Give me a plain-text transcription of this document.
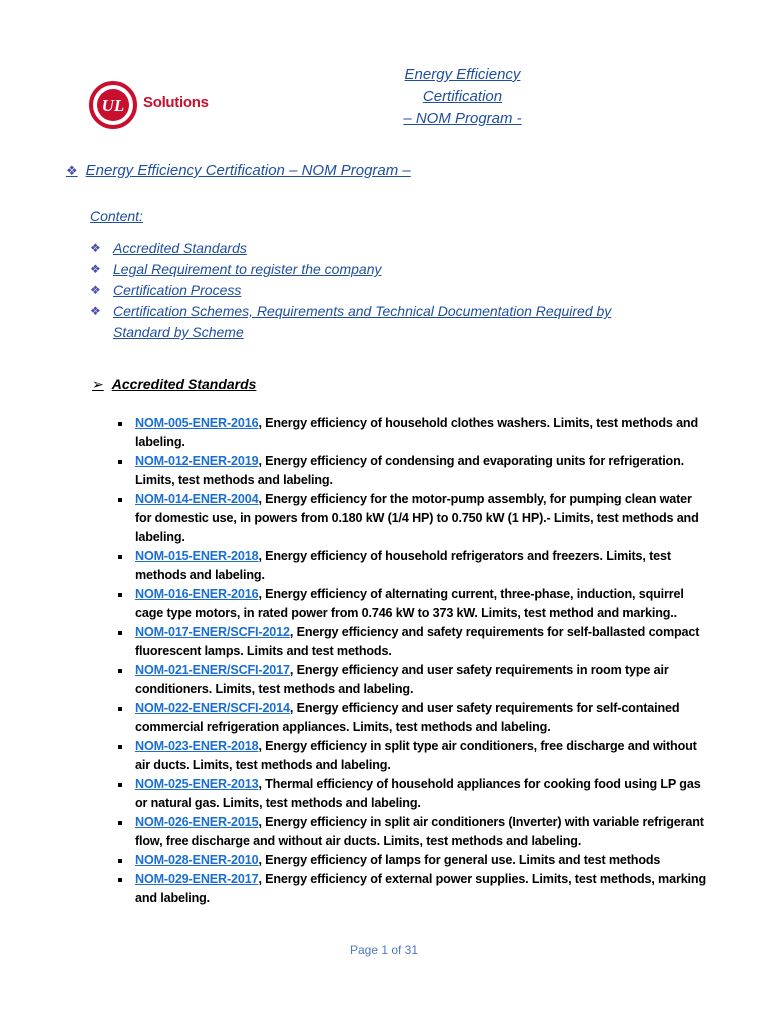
UL Solutions
Energy Efficiency
Certification
– NOM Program -
❖ Energy Efficiency Certification – NOM Program –
Content:
❖ Accredited Standards
❖ Legal Requirement to register the company
❖ Certification Process
❖ Certification Schemes, Requirements and Technical Documentation Required by Standard by Scheme
➢ Accredited Standards
NOM-005-ENER-2016, Energy efficiency of household clothes washers. Limits, test methods and labeling.
NOM-012-ENER-2019, Energy efficiency of condensing and evaporating units for refrigeration. Limits, test methods and labeling.
NOM-014-ENER-2004, Energy efficiency for the motor-pump assembly, for pumping clean water for domestic use, in powers from 0.180 kW (1/4 HP) to 0.750 kW (1 HP).- Limits, test methods and labeling.
NOM-015-ENER-2018, Energy efficiency of household refrigerators and freezers. Limits, test methods and labeling.
NOM-016-ENER-2016, Energy efficiency of alternating current, three-phase, induction, squirrel cage type motors, in rated power from 0.746 kW to 373 kW. Limits, test method and marking..
NOM-017-ENER/SCFI-2012, Energy efficiency and safety requirements for self-ballasted compact fluorescent lamps. Limits and test methods.
NOM-021-ENER/SCFI-2017, Energy efficiency and user safety requirements in room type air conditioners. Limits, test methods and labeling.
NOM-022-ENER/SCFI-2014, Energy efficiency and user safety requirements for self-contained commercial refrigeration appliances. Limits, test methods and labeling.
NOM-023-ENER-2018, Energy efficiency in split type air conditioners, free discharge and without air ducts. Limits, test methods and labeling.
NOM-025-ENER-2013, Thermal efficiency of household appliances for cooking food using LP gas or natural gas. Limits, test methods and labeling.
NOM-026-ENER-2015, Energy efficiency in split air conditioners (Inverter) with variable refrigerant flow, free discharge and without air ducts. Limits, test methods and labeling.
NOM-028-ENER-2010, Energy efficiency of lamps for general use. Limits and test methods
NOM-029-ENER-2017, Energy efficiency of external power supplies. Limits, test methods, marking and labeling.
Page 1 of 31
